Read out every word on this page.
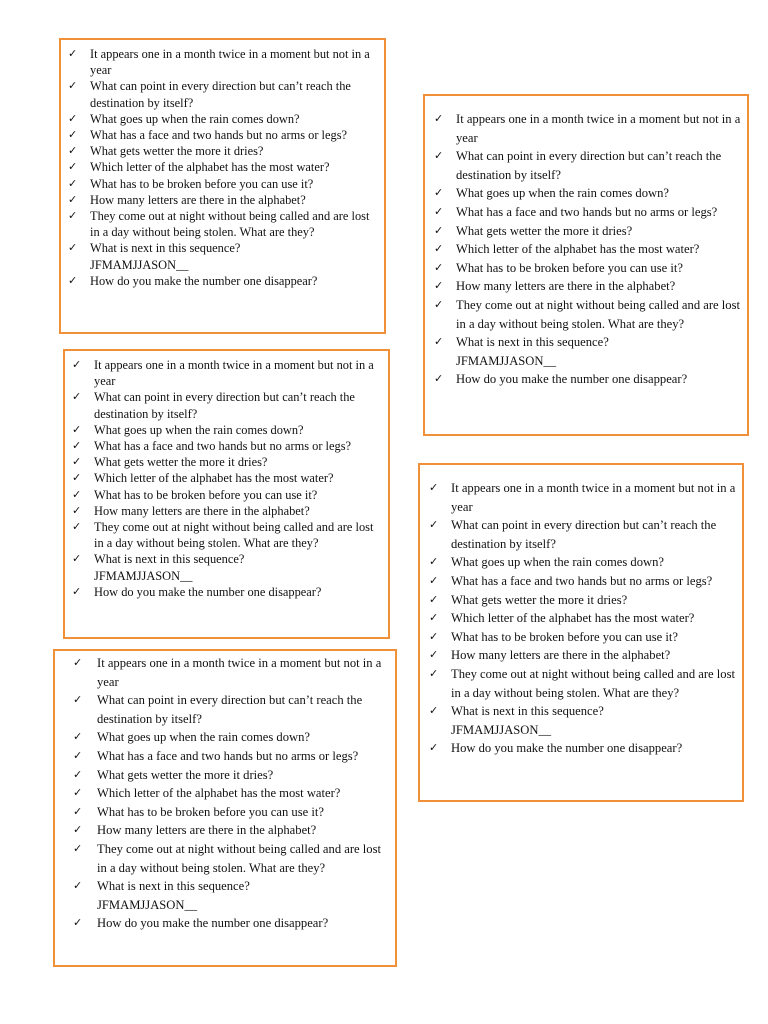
✓ It appears one in a month twice in a moment but not in a year
✓ What can point in every direction but can’t reach the destination by itself?
✓ What goes up when the rain comes down?
✓ What has a face and two hands but no arms or legs?
✓ What gets wetter the more it dries?
✓ Which letter of the alphabet has the most water?
✓ What has to be broken before you can use it?
✓ How many letters are there in the alphabet?
✓ They come out at night without being called and are lost in a day without being stolen. What are they?
✓ What is next in this sequence?
JFMAMJJASON__
✓ How do you make the number one disappear?
✓ It appears one in a month twice in a moment but not in a year
✓ What can point in every direction but can’t reach the destination by itself?
✓ What goes up when the rain comes down?
✓ What has a face and two hands but no arms or legs?
✓ What gets wetter the more it dries?
✓ Which letter of the alphabet has the most water?
✓ What has to be broken before you can use it?
✓ How many letters are there in the alphabet?
✓ They come out at night without being called and are lost in a day without being stolen. What are they?
✓ What is next in this sequence?
JFMAMJJASON__
✓ How do you make the number one disappear?
✓ It appears one in a month twice in a moment but not in a year
✓ What can point in every direction but can’t reach the destination by itself?
✓ What goes up when the rain comes down?
✓ What has a face and two hands but no arms or legs?
✓ What gets wetter the more it dries?
✓ Which letter of the alphabet has the most water?
✓ What has to be broken before you can use it?
✓ How many letters are there in the alphabet?
✓ They come out at night without being called and are lost in a day without being stolen. What are they?
✓ What is next in this sequence?
JFMAMJJASON__
✓ How do you make the number one disappear?
✓ It appears one in a month twice in a moment but not in a year
✓ What can point in every direction but can’t reach the destination by itself?
✓ What goes up when the rain comes down?
✓ What has a face and two hands but no arms or legs?
✓ What gets wetter the more it dries?
✓ Which letter of the alphabet has the most water?
✓ What has to be broken before you can use it?
✓ How many letters are there in the alphabet?
✓ They come out at night without being called and are lost in a day without being stolen. What are they?
✓ What is next in this sequence?
JFMAMJJASON__
✓ How do you make the number one disappear?
✓ It appears one in a month twice in a moment but not in a year
✓ What can point in every direction but can’t reach the destination by itself?
✓ What goes up when the rain comes down?
✓ What has a face and two hands but no arms or legs?
✓ What gets wetter the more it dries?
✓ Which letter of the alphabet has the most water?
✓ What has to be broken before you can use it?
✓ How many letters are there in the alphabet?
✓ They come out at night without being called and are lost in a day without being stolen. What are they?
✓ What is next in this sequence?
JFMAMJJASON__
✓ How do you make the number one disappear?
